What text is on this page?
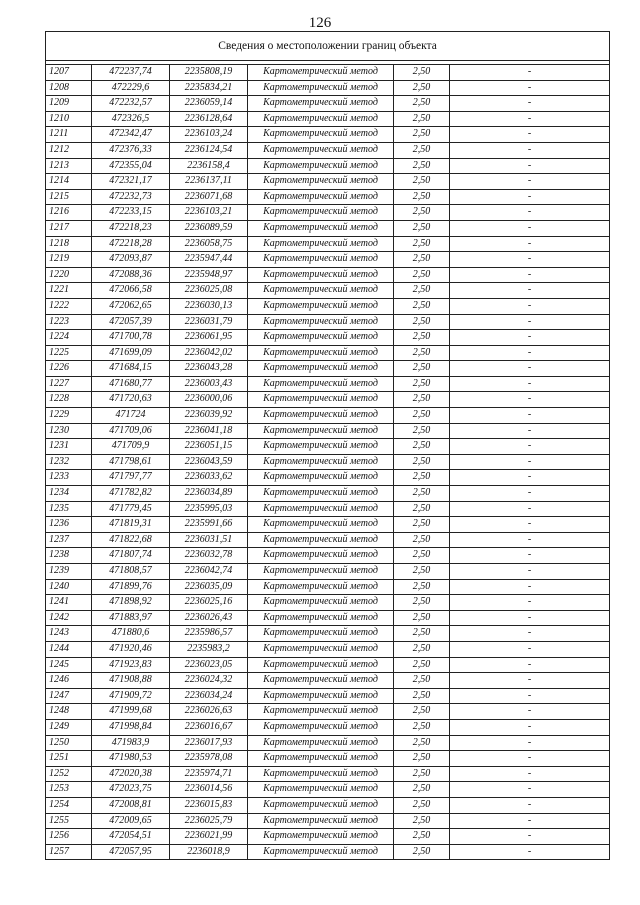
126
Сведения о местоположении границ объекта					

1207	472237,74	2235808,19	Картометрический метод	2,50	-
1208	472229,6	2235834,21	Картометрический метод	2,50	-
1209	472232,57	2236059,14	Картометрический метод	2,50	-
1210	472326,5	2236128,64	Картометрический метод	2,50	-
1211	472342,47	2236103,24	Картометрический метод	2,50	-
1212	472376,33	2236124,54	Картометрический метод	2,50	-
1213	472355,04	2236158,4	Картометрический метод	2,50	-
1214	472321,17	2236137,11	Картометрический метод	2,50	-
1215	472232,73	2236071,68	Картометрический метод	2,50	-
1216	472233,15	2236103,21	Картометрический метод	2,50	-
1217	472218,23	2236089,59	Картометрический метод	2,50	-
1218	472218,28	2236058,75	Картометрический метод	2,50	-
1219	472093,87	2235947,44	Картометрический метод	2,50	-
1220	472088,36	2235948,97	Картометрический метод	2,50	-
1221	472066,58	2236025,08	Картометрический метод	2,50	-
1222	472062,65	2236030,13	Картометрический метод	2,50	-
1223	472057,39	2236031,79	Картометрический метод	2,50	-
1224	471700,78	2236061,95	Картометрический метод	2,50	-
1225	471699,09	2236042,02	Картометрический метод	2,50	-
1226	471684,15	2236043,28	Картометрический метод	2,50	-
1227	471680,77	2236003,43	Картометрический метод	2,50	-
1228	471720,63	2236000,06	Картометрический метод	2,50	-
1229	471724	2236039,92	Картометрический метод	2,50	-
1230	471709,06	2236041,18	Картометрический метод	2,50	-
1231	471709,9	2236051,15	Картометрический метод	2,50	-
1232	471798,61	2236043,59	Картометрический метод	2,50	-
1233	471797,77	2236033,62	Картометрический метод	2,50	-
1234	471782,82	2236034,89	Картометрический метод	2,50	-
1235	471779,45	2235995,03	Картометрический метод	2,50	-
1236	471819,31	2235991,66	Картометрический метод	2,50	-
1237	471822,68	2236031,51	Картометрический метод	2,50	-
1238	471807,74	2236032,78	Картометрический метод	2,50	-
1239	471808,57	2236042,74	Картометрический метод	2,50	-
1240	471899,76	2236035,09	Картометрический метод	2,50	-
1241	471898,92	2236025,16	Картометрический метод	2,50	-
1242	471883,97	2236026,43	Картометрический метод	2,50	-
1243	471880,6	2235986,57	Картометрический метод	2,50	-
1244	471920,46	2235983,2	Картометрический метод	2,50	-
1245	471923,83	2236023,05	Картометрический метод	2,50	-
1246	471908,88	2236024,32	Картометрический метод	2,50	-
1247	471909,72	2236034,24	Картометрический метод	2,50	-
1248	471999,68	2236026,63	Картометрический метод	2,50	-
1249	471998,84	2236016,67	Картометрический метод	2,50	-
1250	471983,9	2236017,93	Картометрический метод	2,50	-
1251	471980,53	2235978,08	Картометрический метод	2,50	-
1252	472020,38	2235974,71	Картометрический метод	2,50	-
1253	472023,75	2236014,56	Картометрический метод	2,50	-
1254	472008,81	2236015,83	Картометрический метод	2,50	-
1255	472009,65	2236025,79	Картометрический метод	2,50	-
1256	472054,51	2236021,99	Картометрический метод	2,50	-
1257	472057,95	2236018,9	Картометрический метод	2,50	-
